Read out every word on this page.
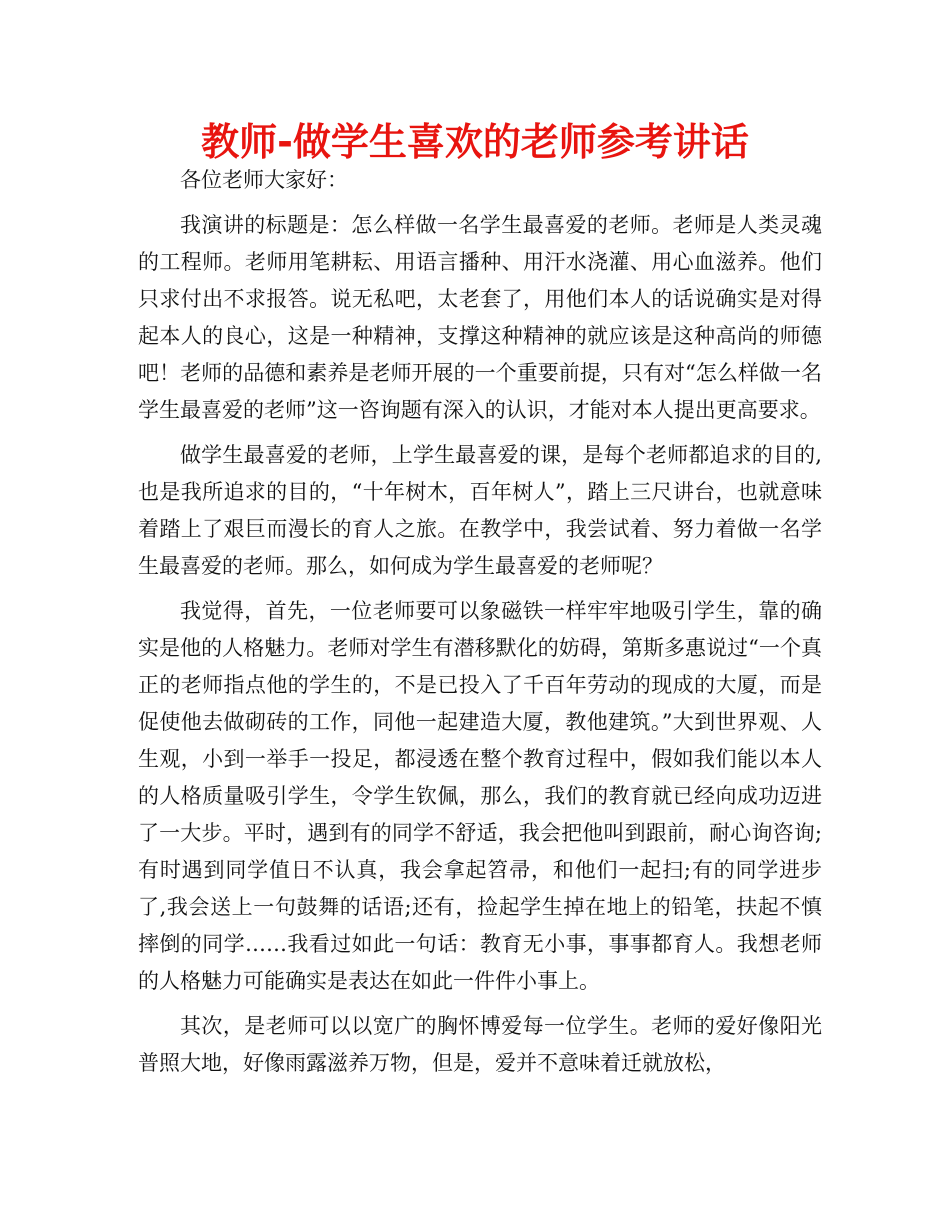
教师-做学生喜欢的老师参考讲话

各位老师大家好：

我演讲的标题是：怎么样做一名学生最喜爱的老师。老师是人类灵魂的工程师。老师用笔耕耘、用语言播种、用汗水浇灌、用心血滋养。他们只求付出不求报答。说无私吧，太老套了，用他们本人的话说确实是对得起本人的良心，这是一种精神，支撑这种精神的就应该是这种高尚的师德吧！老师的品德和素养是老师开展的一个重要前提，只有对“怎么样做一名学生最喜爱的老师”这一咨询题有深入的认识，才能对本人提出更高要求。

做学生最喜爱的老师，上学生最喜爱的课，是每个老师都追求的目的,也是我所追求的目的，“十年树木，百年树人”，踏上三尺讲台，也就意味着踏上了艰巨而漫长的育人之旅。在教学中，我尝试着、努力着做一名学生最喜爱的老师。那么，如何成为学生最喜爱的老师呢？

我觉得，首先，一位老师要可以象磁铁一样牢牢地吸引学生，靠的确实是他的人格魅力。老师对学生有潜移默化的妨碍，第斯多惠说过“一个真正的老师指点他的学生的，不是已投入了千百年劳动的现成的大厦，而是促使他去做砌砖的工作，同他一起建造大厦，教他建筑。”大到世界观、人生观，小到一举手一投足，都浸透在整个教育过程中，假如我们能以本人的人格质量吸引学生，令学生钦佩，那么，我们的教育就已经向成功迈进了一大步。平时，遇到有的同学不舒适，我会把他叫到跟前，耐心询咨询;有时遇到同学值日不认真，我会拿起笤帚，和他们一起扫;有的同学进步了,我会送上一句鼓舞的话语;还有，捡起学生掉在地上的铅笔，扶起不慎摔倒的同学……我看过如此一句话：教育无小事，事事都育人。我想老师的人格魅力可能确实是表达在如此一件件小事上。

其次，是老师可以以宽广的胸怀博爱每一位学生。老师的爱好像阳光普照大地，好像雨露滋养万物，但是，爱并不意味着迁就放松，
